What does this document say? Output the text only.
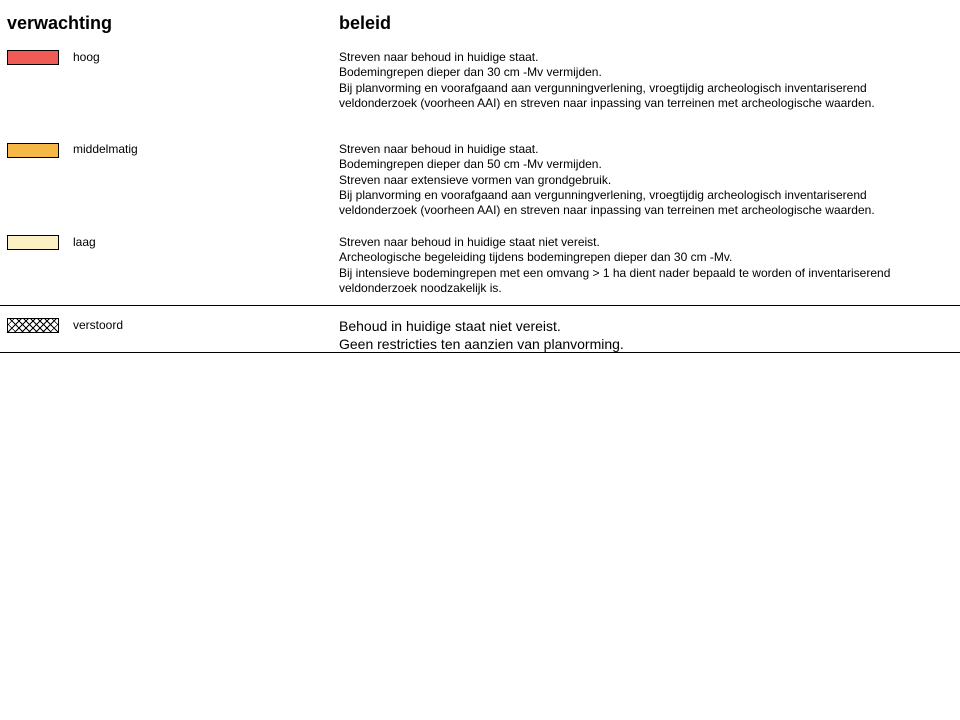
verwachting	beleid
hoog	Streven naar behoud in huidige staat.
Bodemingrepen dieper dan 30 cm -Mv vermijden.
Bij planvorming en voorafgaand aan vergunningverlening, vroegtijdig archeologisch inventariserend
veldonderzoek (voorheen AAI) en streven naar inpassing van terreinen met archeologische waarden.
middelmatig	Streven naar behoud in huidige staat.
Bodemingrepen dieper dan 50 cm -Mv vermijden.
Streven naar extensieve vormen van grondgebruik.
Bij planvorming en voorafgaand aan vergunningverlening, vroegtijdig archeologisch inventariserend
veldonderzoek (voorheen AAI) en streven naar inpassing van terreinen met archeologische waarden.
laag	Streven naar behoud in huidige staat niet vereist.
Archeologische begeleiding tijdens bodemingrepen dieper dan 30 cm -Mv.
Bij intensieve bodemingrepen met een omvang > 1 ha dient nader bepaald te worden of inventariserend
veldonderzoek noodzakelijk is.
verstoord	Behoud in huidige staat niet vereist.
Geen restricties ten aanzien van planvorming.
